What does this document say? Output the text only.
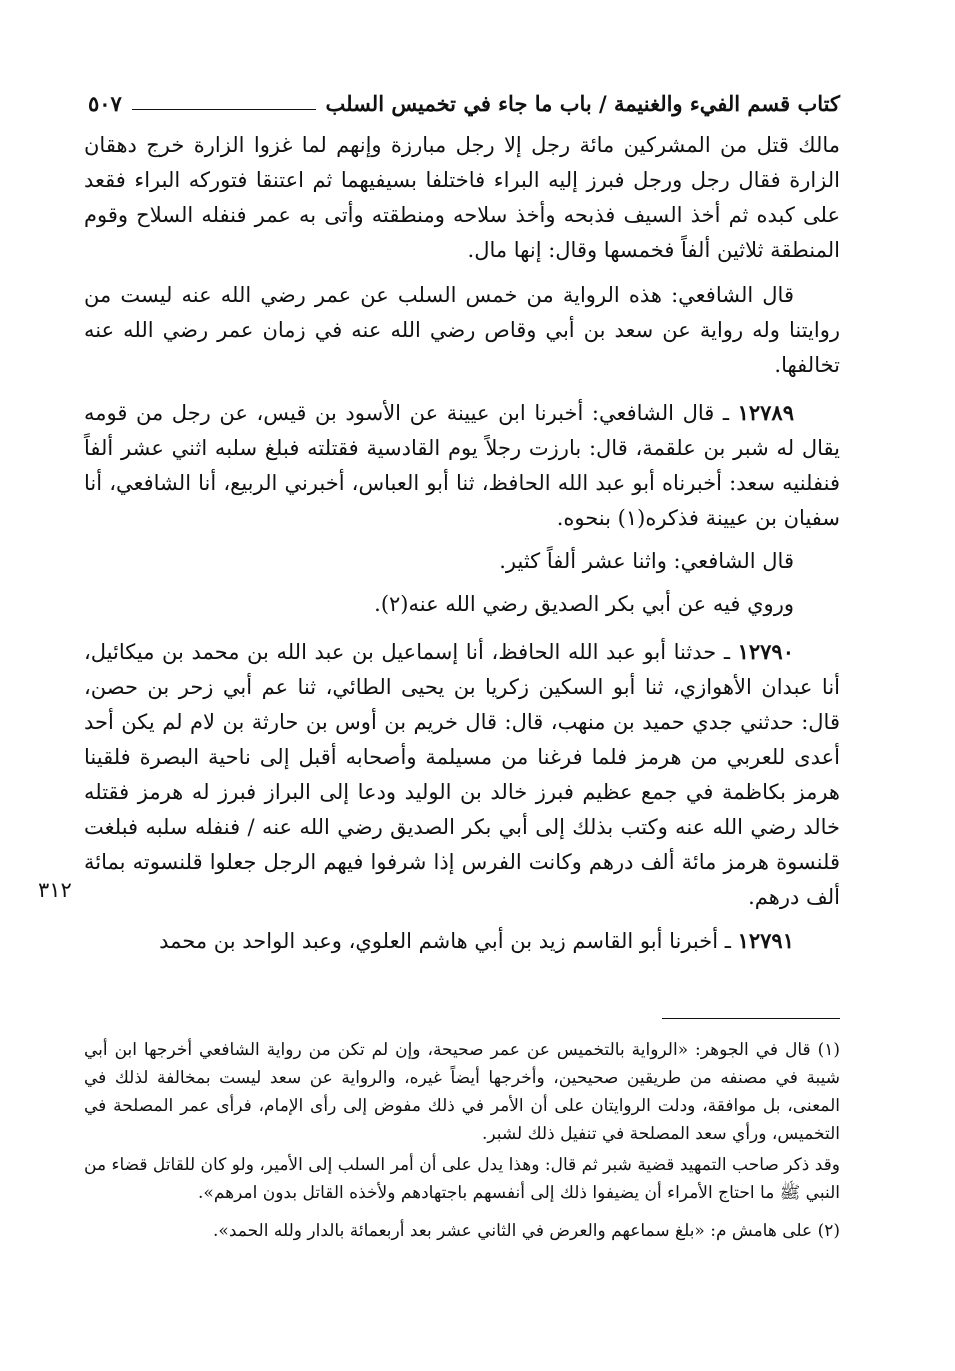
كتاب قسم الفيء والغنيمة / باب ما جاء في تخميس السلب
٥٠٧
٣١٢

مالك قتل من المشركين مائة رجل إلا رجل مبارزة وإنهم لما غزوا الزارة خرج دهقان الزارة فقال رجل ورجل فبرز إليه البراء فاختلفا بسيفيهما ثم اعتنقا فتوركه البراء فقعد على كبده ثم أخذ السيف فذبحه وأخذ سلاحه ومنطقته وأتى به عمر فنفله السلاح وقوم المنطقة ثلاثين ألفاً فخمسها وقال: إنها مال.

قال الشافعي: هذه الرواية من خمس السلب عن عمر رضي الله عنه ليست من روايتنا وله رواية عن سعد بن أبي وقاص رضي الله عنه في زمان عمر رضي الله عنه تخالفها.

١٢٧٨٩ ـ قال الشافعي: أخبرنا ابن عيينة عن الأسود بن قيس، عن رجل من قومه يقال له شبر بن علقمة، قال: بارزت رجلاً يوم القادسية فقتلته فبلغ سلبه اثني عشر ألفاً فنفلنيه سعد: أخبرناه أبو عبد الله الحافظ، ثنا أبو العباس، أخبرني الربيع، أنا الشافعي، أنا سفيان بن عيينة فذكره(١) بنحوه.

قال الشافعي: واثنا عشر ألفاً كثير.

وروي فيه عن أبي بكر الصديق رضي الله عنه(٢).

١٢٧٩٠ ـ حدثنا أبو عبد الله الحافظ، أنا إسماعيل بن عبد الله بن محمد بن ميكائيل، أنا عبدان الأهوازي، ثنا أبو السكين زكريا بن يحيى الطائي، ثنا عم أبي زحر بن حصن، قال: حدثني جدي حميد بن منهب، قال: قال خريم بن أوس بن حارثة بن لام لم يكن أحد أعدى للعربي من هرمز فلما فرغنا من مسيلمة وأصحابه أقبل إلى ناحية البصرة فلقينا هرمز بكاظمة في جمع عظيم فبرز خالد بن الوليد ودعا إلى البراز فبرز له هرمز فقتله خالد رضي الله عنه وكتب بذلك إلى أبي بكر الصديق رضي الله عنه / فنفله سلبه فبلغت قلنسوة هرمز مائة ألف درهم وكانت الفرس إذا شرفوا فيهم الرجل جعلوا قلنسوته بمائة ألف درهم.

١٢٧٩١ ـ أخبرنا أبو القاسم زيد بن أبي هاشم العلوي، وعبد الواحد بن محمد

(١) قال في الجوهر: «الرواية بالتخميس عن عمر صحيحة، وإن لم تكن من رواية الشافعي أخرجها ابن أبي شيبة في مصنفه من طريقين صحيحين، وأخرجها أيضاً غيره، والرواية عن سعد ليست بمخالفة لذلك في المعنى، بل موافقة، ودلت الروايتان على أن الأمر في ذلك مفوض إلى رأى الإمام، فرأى عمر المصلحة في التخميس، ورأي سعد المصلحة في تنفيل ذلك لشبر.

وقد ذكر صاحب التمهيد قضية شبر ثم قال: وهذا يدل على أن أمر السلب إلى الأمير، ولو كان للقاتل قضاء من النبي ﷺ ما احتاج الأمراء أن يضيفوا ذلك إلى أنفسهم باجتهادهم ولأخذه القاتل بدون امرهم».

(٢) على هامش م: «بلغ سماعهم والعرض في الثاني عشر بعد أربعمائة بالدار ولله الحمد».
